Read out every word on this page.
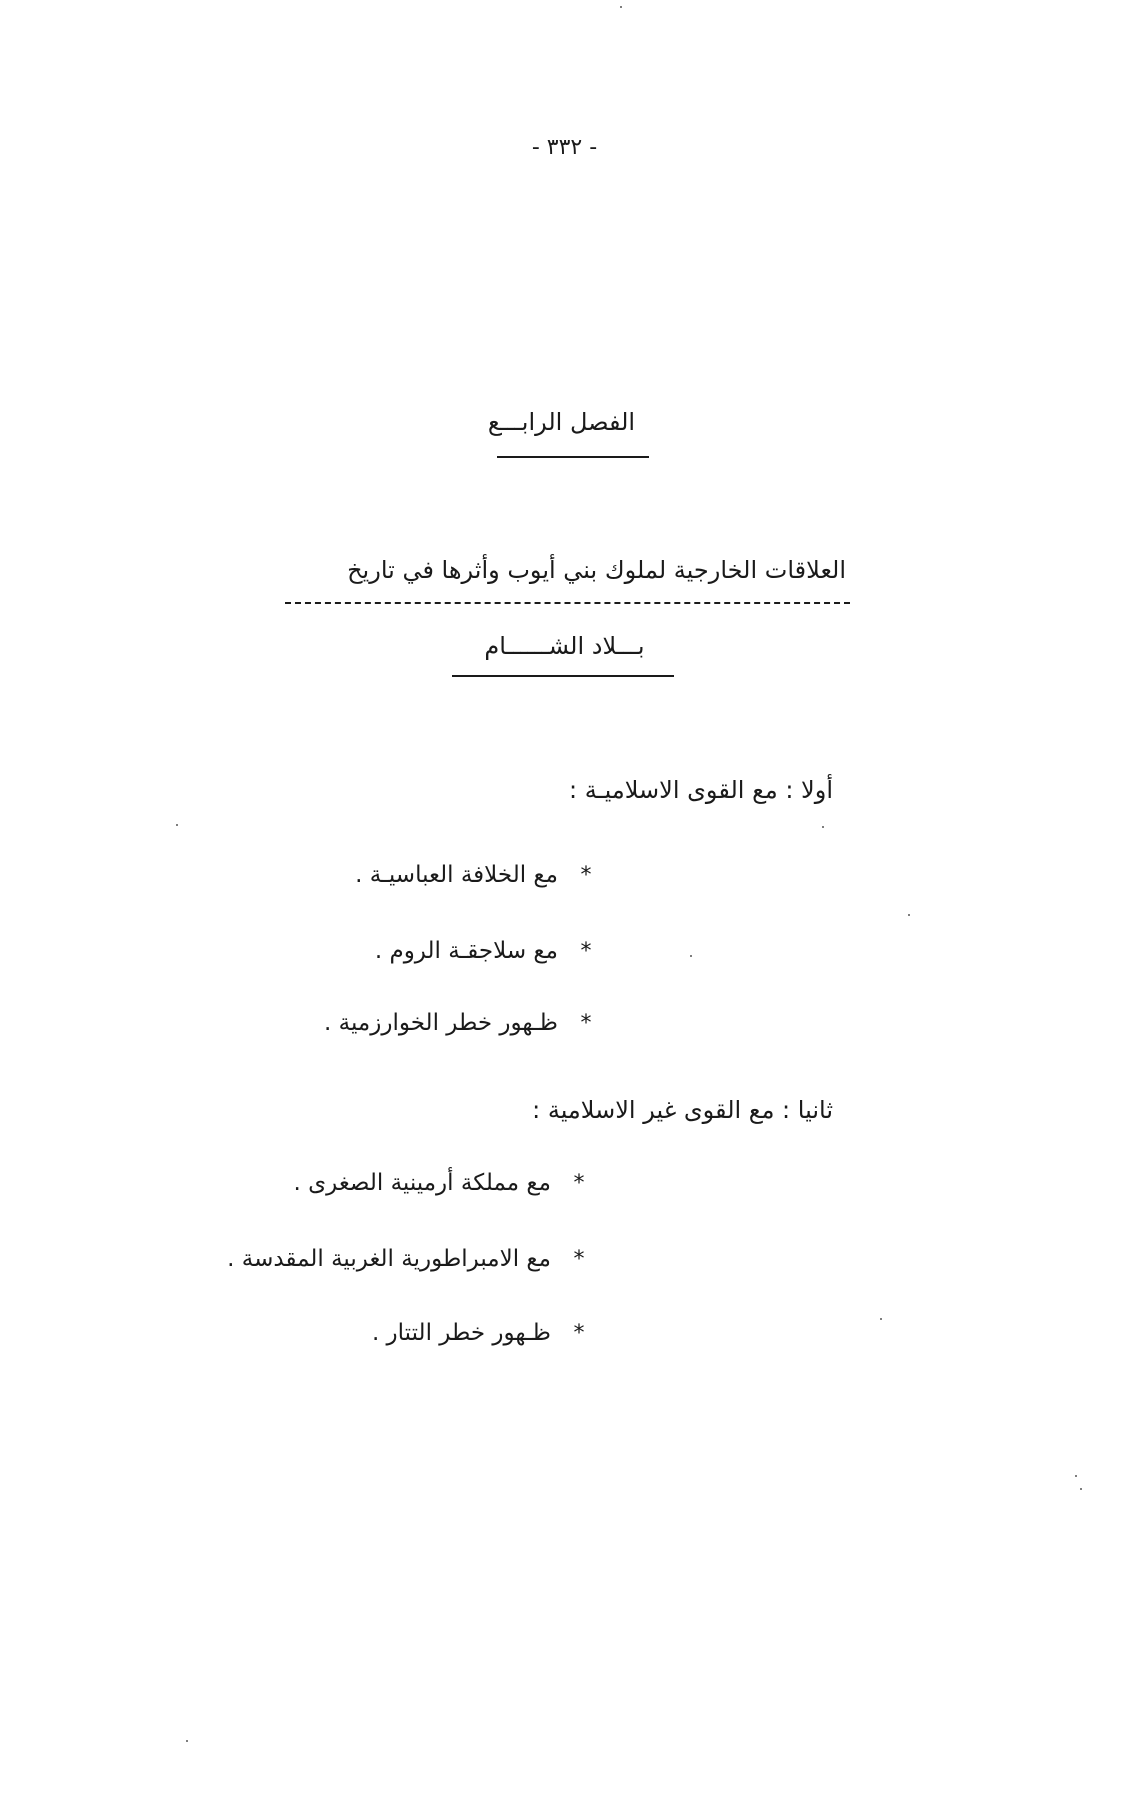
- ٣٣٢ -
الفصل الرابـــع
العلاقات الخارجية لملوك بني أيوب وأثرها في تاريخ
بـــلاد الشــــــام
أولا : مع القوى الاسلاميـة :
*مع الخلافة العباسيـة .
*مع سلاجقـة الروم .
*ظـهور خطر الخوارزمية .
ثانيا : مع القوى غير الاسلامية :
*مع مملكة أرمينية الصغرى .
*مع الامبراطورية الغربية المقدسة .
*ظـهور خطر التتار .
